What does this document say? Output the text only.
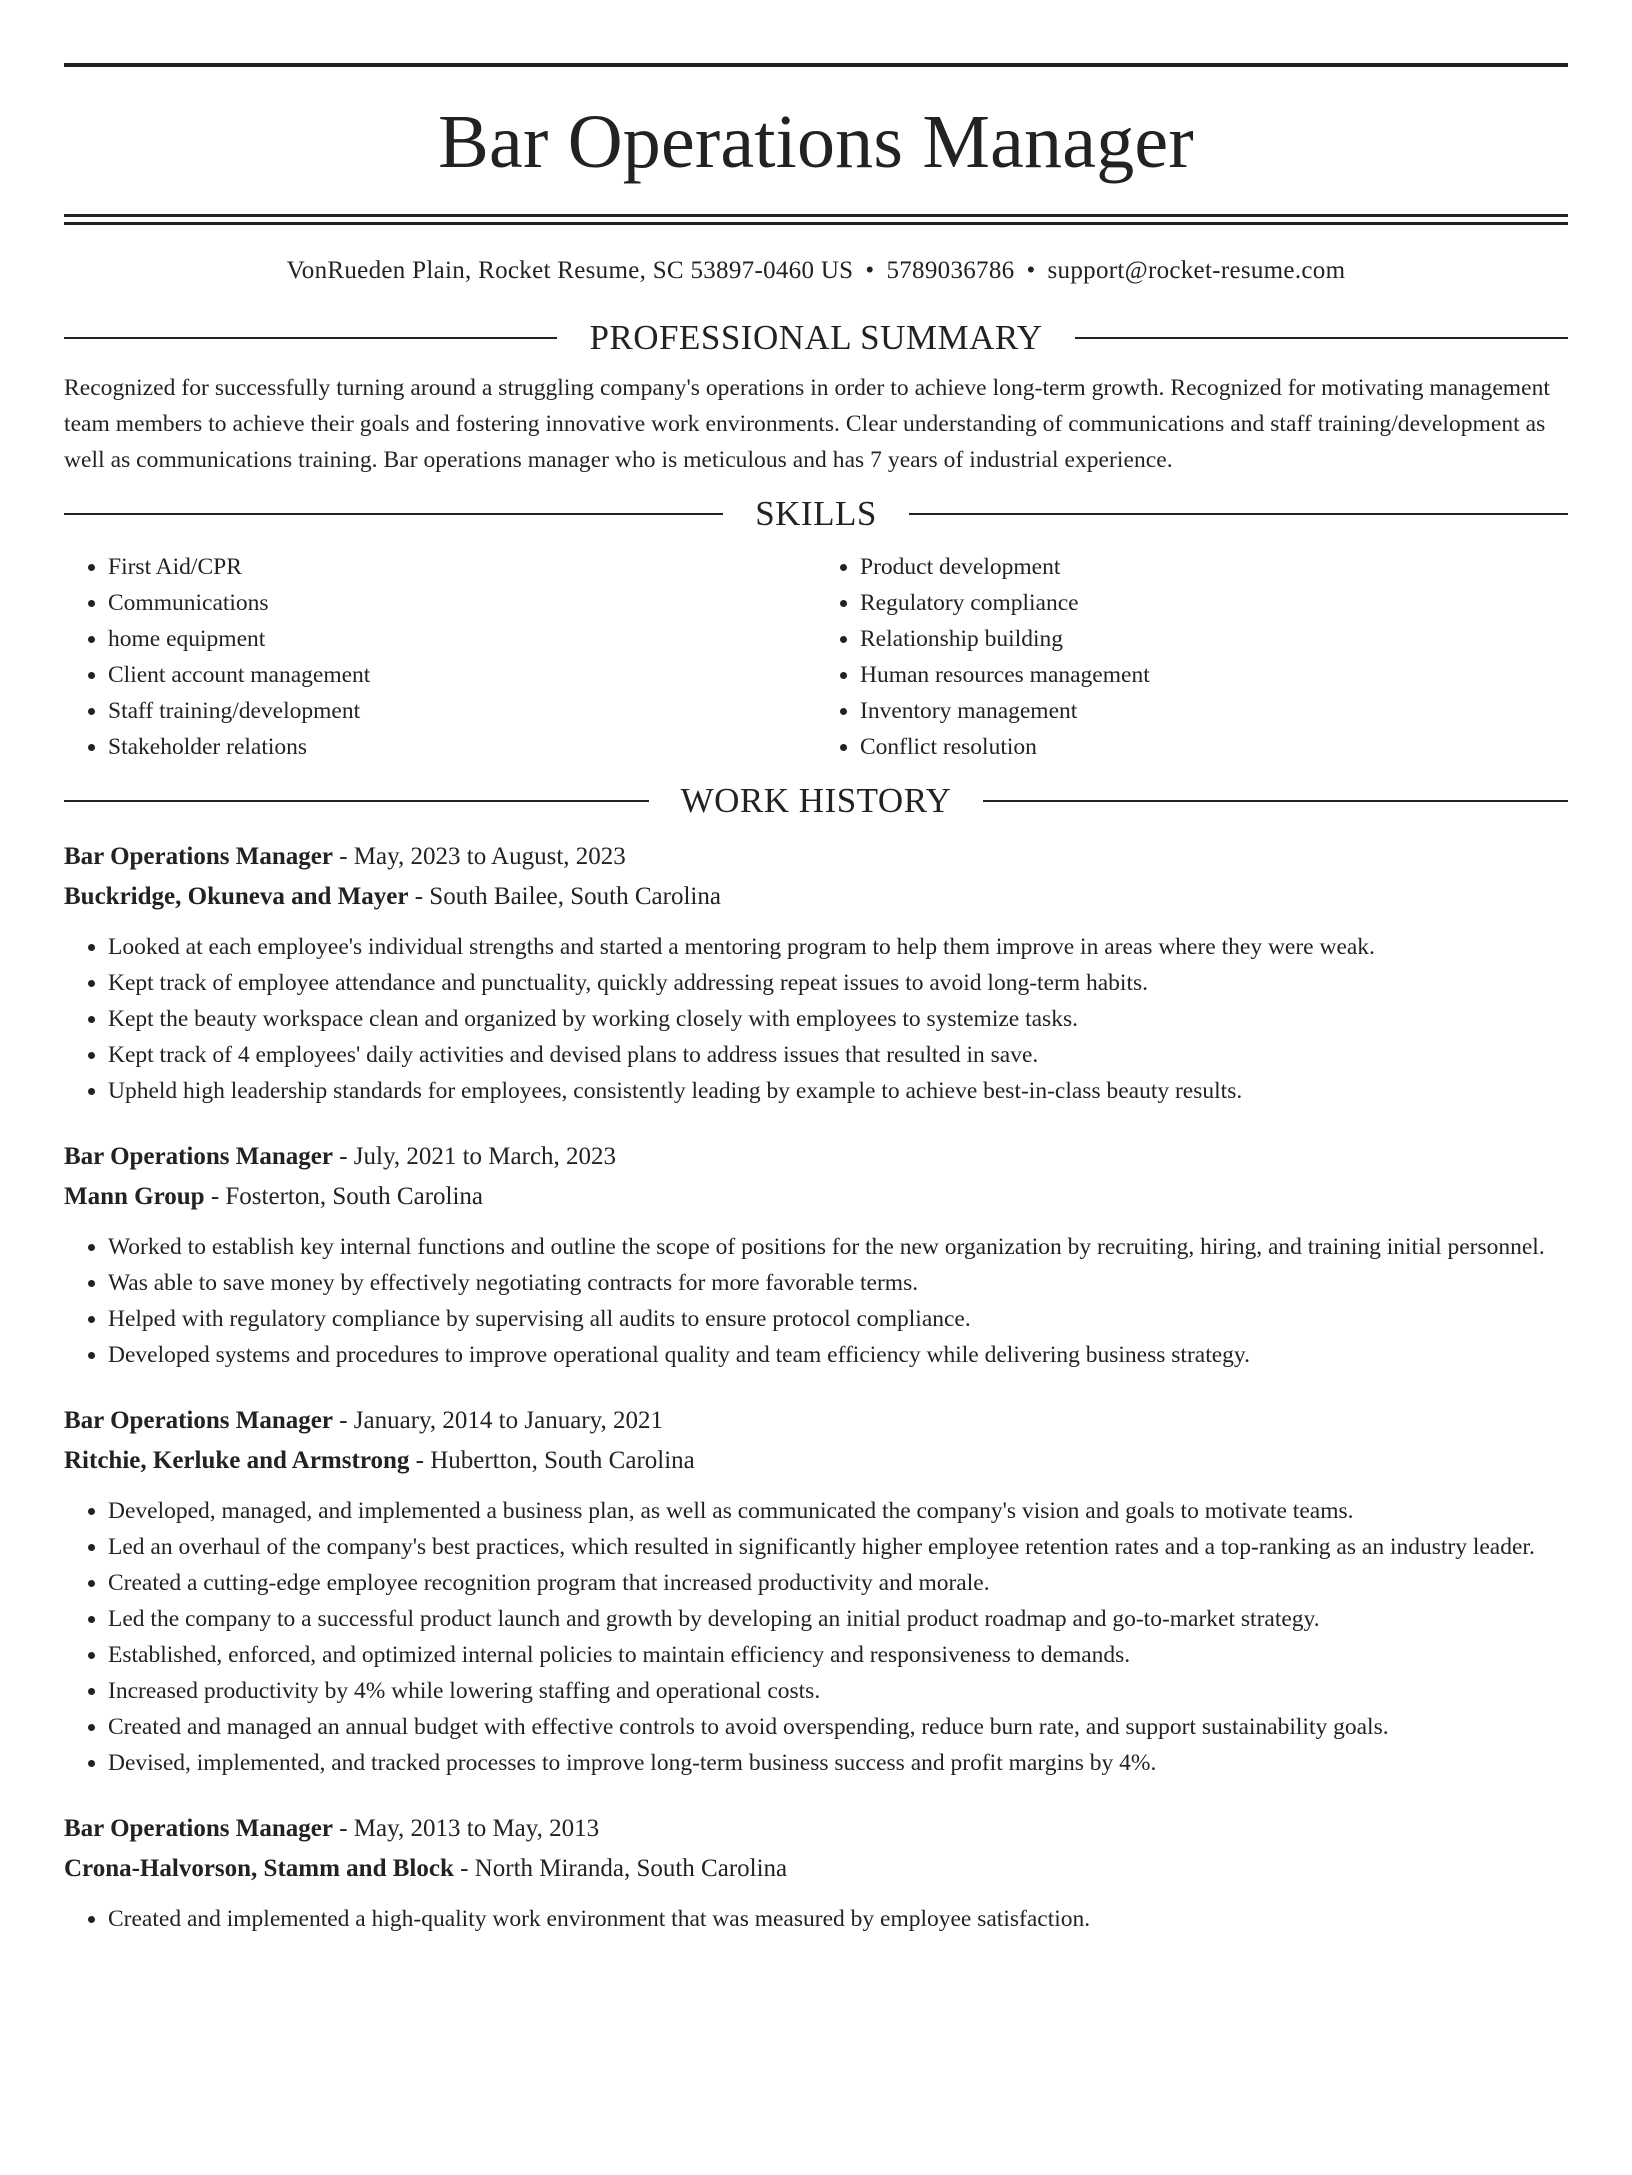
Bar Operations Manager
VonRueden Plain, Rocket Resume, SC 53897-0460 US • 5789036786 • support@rocket-resume.com
PROFESSIONAL SUMMARY
Recognized for successfully turning around a struggling company's operations in order to achieve long-term growth. Recognized for motivating management team members to achieve their goals and fostering innovative work environments. Clear understanding of communications and staff training/development as well as communications training. Bar operations manager who is meticulous and has 7 years of industrial experience.
SKILLS
• First Aid/CPR
• Communications
• home equipment
• Client account management
• Staff training/development
• Stakeholder relations
• Product development
• Regulatory compliance
• Relationship building
• Human resources management
• Inventory management
• Conflict resolution
WORK HISTORY
Bar Operations Manager - May, 2023 to August, 2023
Buckridge, Okuneva and Mayer - South Bailee, South Carolina
• Looked at each employee's individual strengths and started a mentoring program to help them improve in areas where they were weak.
• Kept track of employee attendance and punctuality, quickly addressing repeat issues to avoid long-term habits.
• Kept the beauty workspace clean and organized by working closely with employees to systemize tasks.
• Kept track of 4 employees' daily activities and devised plans to address issues that resulted in save.
• Upheld high leadership standards for employees, consistently leading by example to achieve best-in-class beauty results.
Bar Operations Manager - July, 2021 to March, 2023
Mann Group - Fosterton, South Carolina
• Worked to establish key internal functions and outline the scope of positions for the new organization by recruiting, hiring, and training initial personnel.
• Was able to save money by effectively negotiating contracts for more favorable terms.
• Helped with regulatory compliance by supervising all audits to ensure protocol compliance.
• Developed systems and procedures to improve operational quality and team efficiency while delivering business strategy.
Bar Operations Manager - January, 2014 to January, 2021
Ritchie, Kerluke and Armstrong - Hubertton, South Carolina
• Developed, managed, and implemented a business plan, as well as communicated the company's vision and goals to motivate teams.
• Led an overhaul of the company's best practices, which resulted in significantly higher employee retention rates and a top-ranking as an industry leader.
• Created a cutting-edge employee recognition program that increased productivity and morale.
• Led the company to a successful product launch and growth by developing an initial product roadmap and go-to-market strategy.
• Established, enforced, and optimized internal policies to maintain efficiency and responsiveness to demands.
• Increased productivity by 4% while lowering staffing and operational costs.
• Created and managed an annual budget with effective controls to avoid overspending, reduce burn rate, and support sustainability goals.
• Devised, implemented, and tracked processes to improve long-term business success and profit margins by 4%.
Bar Operations Manager - May, 2013 to May, 2013
Crona-Halvorson, Stamm and Block - North Miranda, South Carolina
• Created and implemented a high-quality work environment that was measured by employee satisfaction.
